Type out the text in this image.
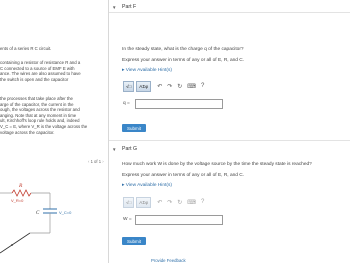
ents of a series R C circuit.

containing a resistor of resistance R and a

C connected to a source of EMF E with

ance. The wires are also assumed to have

the switch is open and the capacitor

the processes that take place after the

arge of the capacitor, the current in the

ough, the voltages across the resistor and

anging. Note that at any moment in time

ult, Kirchhoff's loop rule holds and, indeed

V_C = E, where V_R is the voltage across the

voltage across the capacitor.

‹ 1 of 1 ›
R
V_R=0
C	V_C=0
▼ Part F
In the steady state, what is the charge q of the capacitor?
Express your answer in terms of any or all of E, R, and C.
▸ View Available Hint(s)
√□ ΑΣφ ↶ ↷ ↻ ⌨ ?
q =
Submit
▼ Part G
How much work W is done by the voltage source by the time the steady state is reached?
Express your answer in terms of any or all of E, R, and C.
▸ View Available Hint(s)
√□ ΑΣφ ↶ ↷ ↻ ⌨ ?
W =
Submit
Provide Feedback
